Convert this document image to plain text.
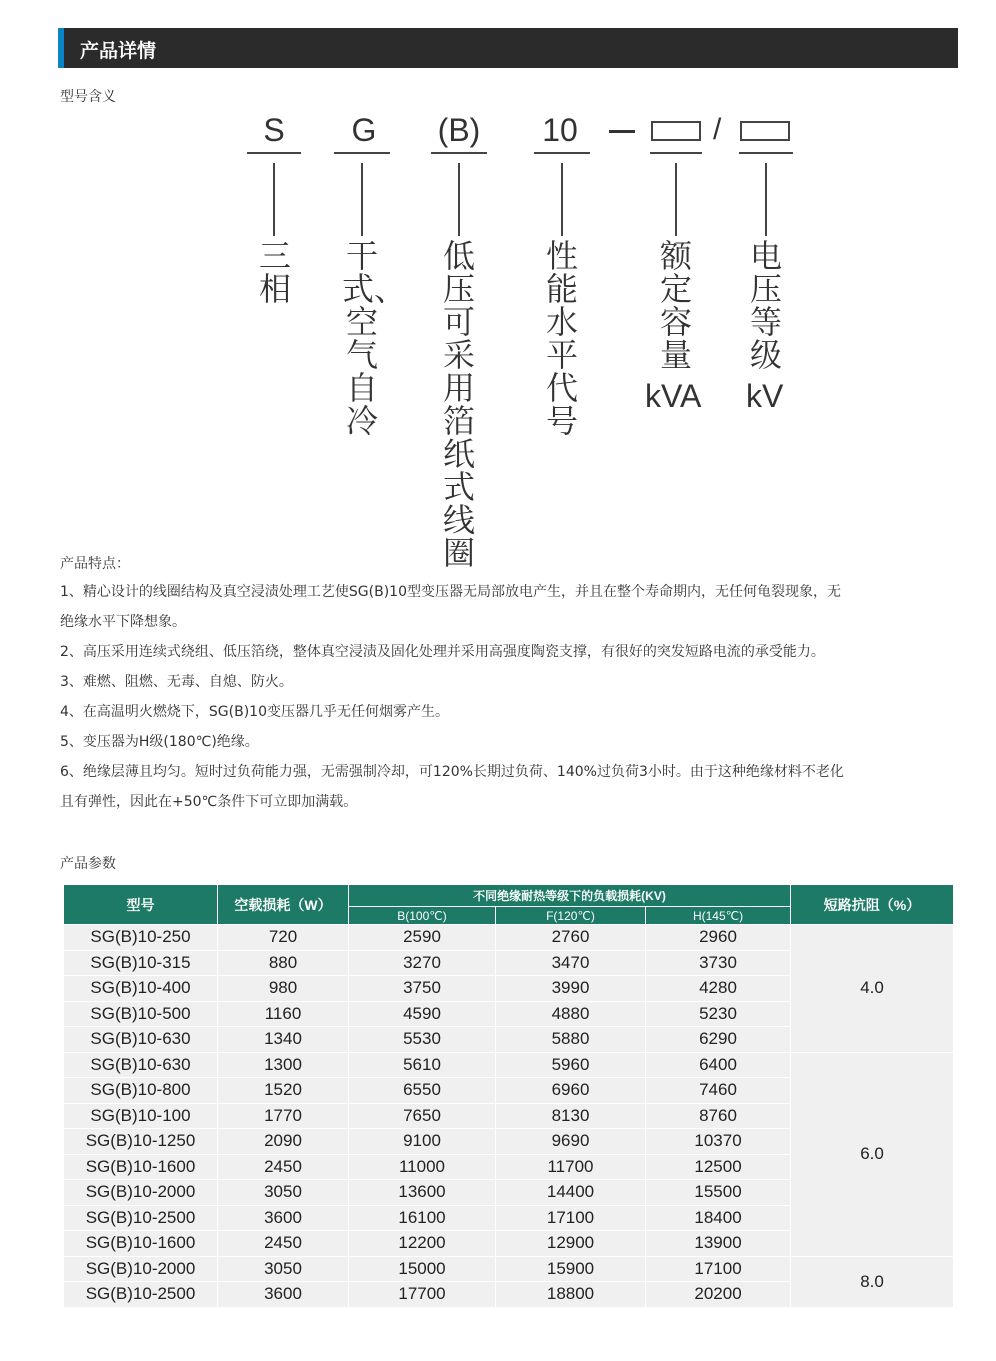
产品详情
型号含义
S
三相
G
干式、空气自冷
(B)
低压可采用箔纸式线圈
10
性能水平代号
额定容量
kVA
/
电压等级
kV
产品特点：
1、精心设计的线圈结构及真空浸渍处理工艺使SG(B)10型变压器无局部放电产生，并且在整个寿命期内，无任何龟裂现象，无
绝缘水平下降想象。
2、高压采用连续式绕组、低压箔绕，整体真空浸渍及固化处理并采用高强度陶瓷支撑，有很好的突发短路电流的承受能力。
3、难燃、阻燃、无毒、自熄、防火。
4、在高温明火燃烧下，SG(B)10变压器几乎无任何烟雾产生。
5、变压器为H级(180℃)绝缘。
6、绝缘层薄且均匀。短时过负荷能力强，无需强制冷却，可120%长期过负荷、140%过负荷3小时。由于这种绝缘材料不老化
且有弹性，因此在+50℃条件下可立即加满载。
产品参数
型号	空载损耗（W）	不同绝缘耐热等级下的负载损耗(KV)			短路抗阻（%）
		B(100℃)	F(120℃)	H(145℃)	
SG(B)10-250	720	2590	2760	2960	4.0
SG(B)10-315	880	3270	3470	3730	
SG(B)10-400	980	3750	3990	4280	
SG(B)10-500	1160	4590	4880	5230	
SG(B)10-630	1340	5530	5880	6290	
SG(B)10-630	1300	5610	5960	6400	6.0
SG(B)10-800	1520	6550	6960	7460	
SG(B)10-100	1770	7650	8130	8760	
SG(B)10-1250	2090	9100	9690	10370	
SG(B)10-1600	2450	11000	11700	12500	
SG(B)10-2000	3050	13600	14400	15500	
SG(B)10-2500	3600	16100	17100	18400	
SG(B)10-1600	2450	12200	12900	13900	
SG(B)10-2000	3050	15000	15900	17100	8.0
SG(B)10-2500	3600	17700	18800	20200	
